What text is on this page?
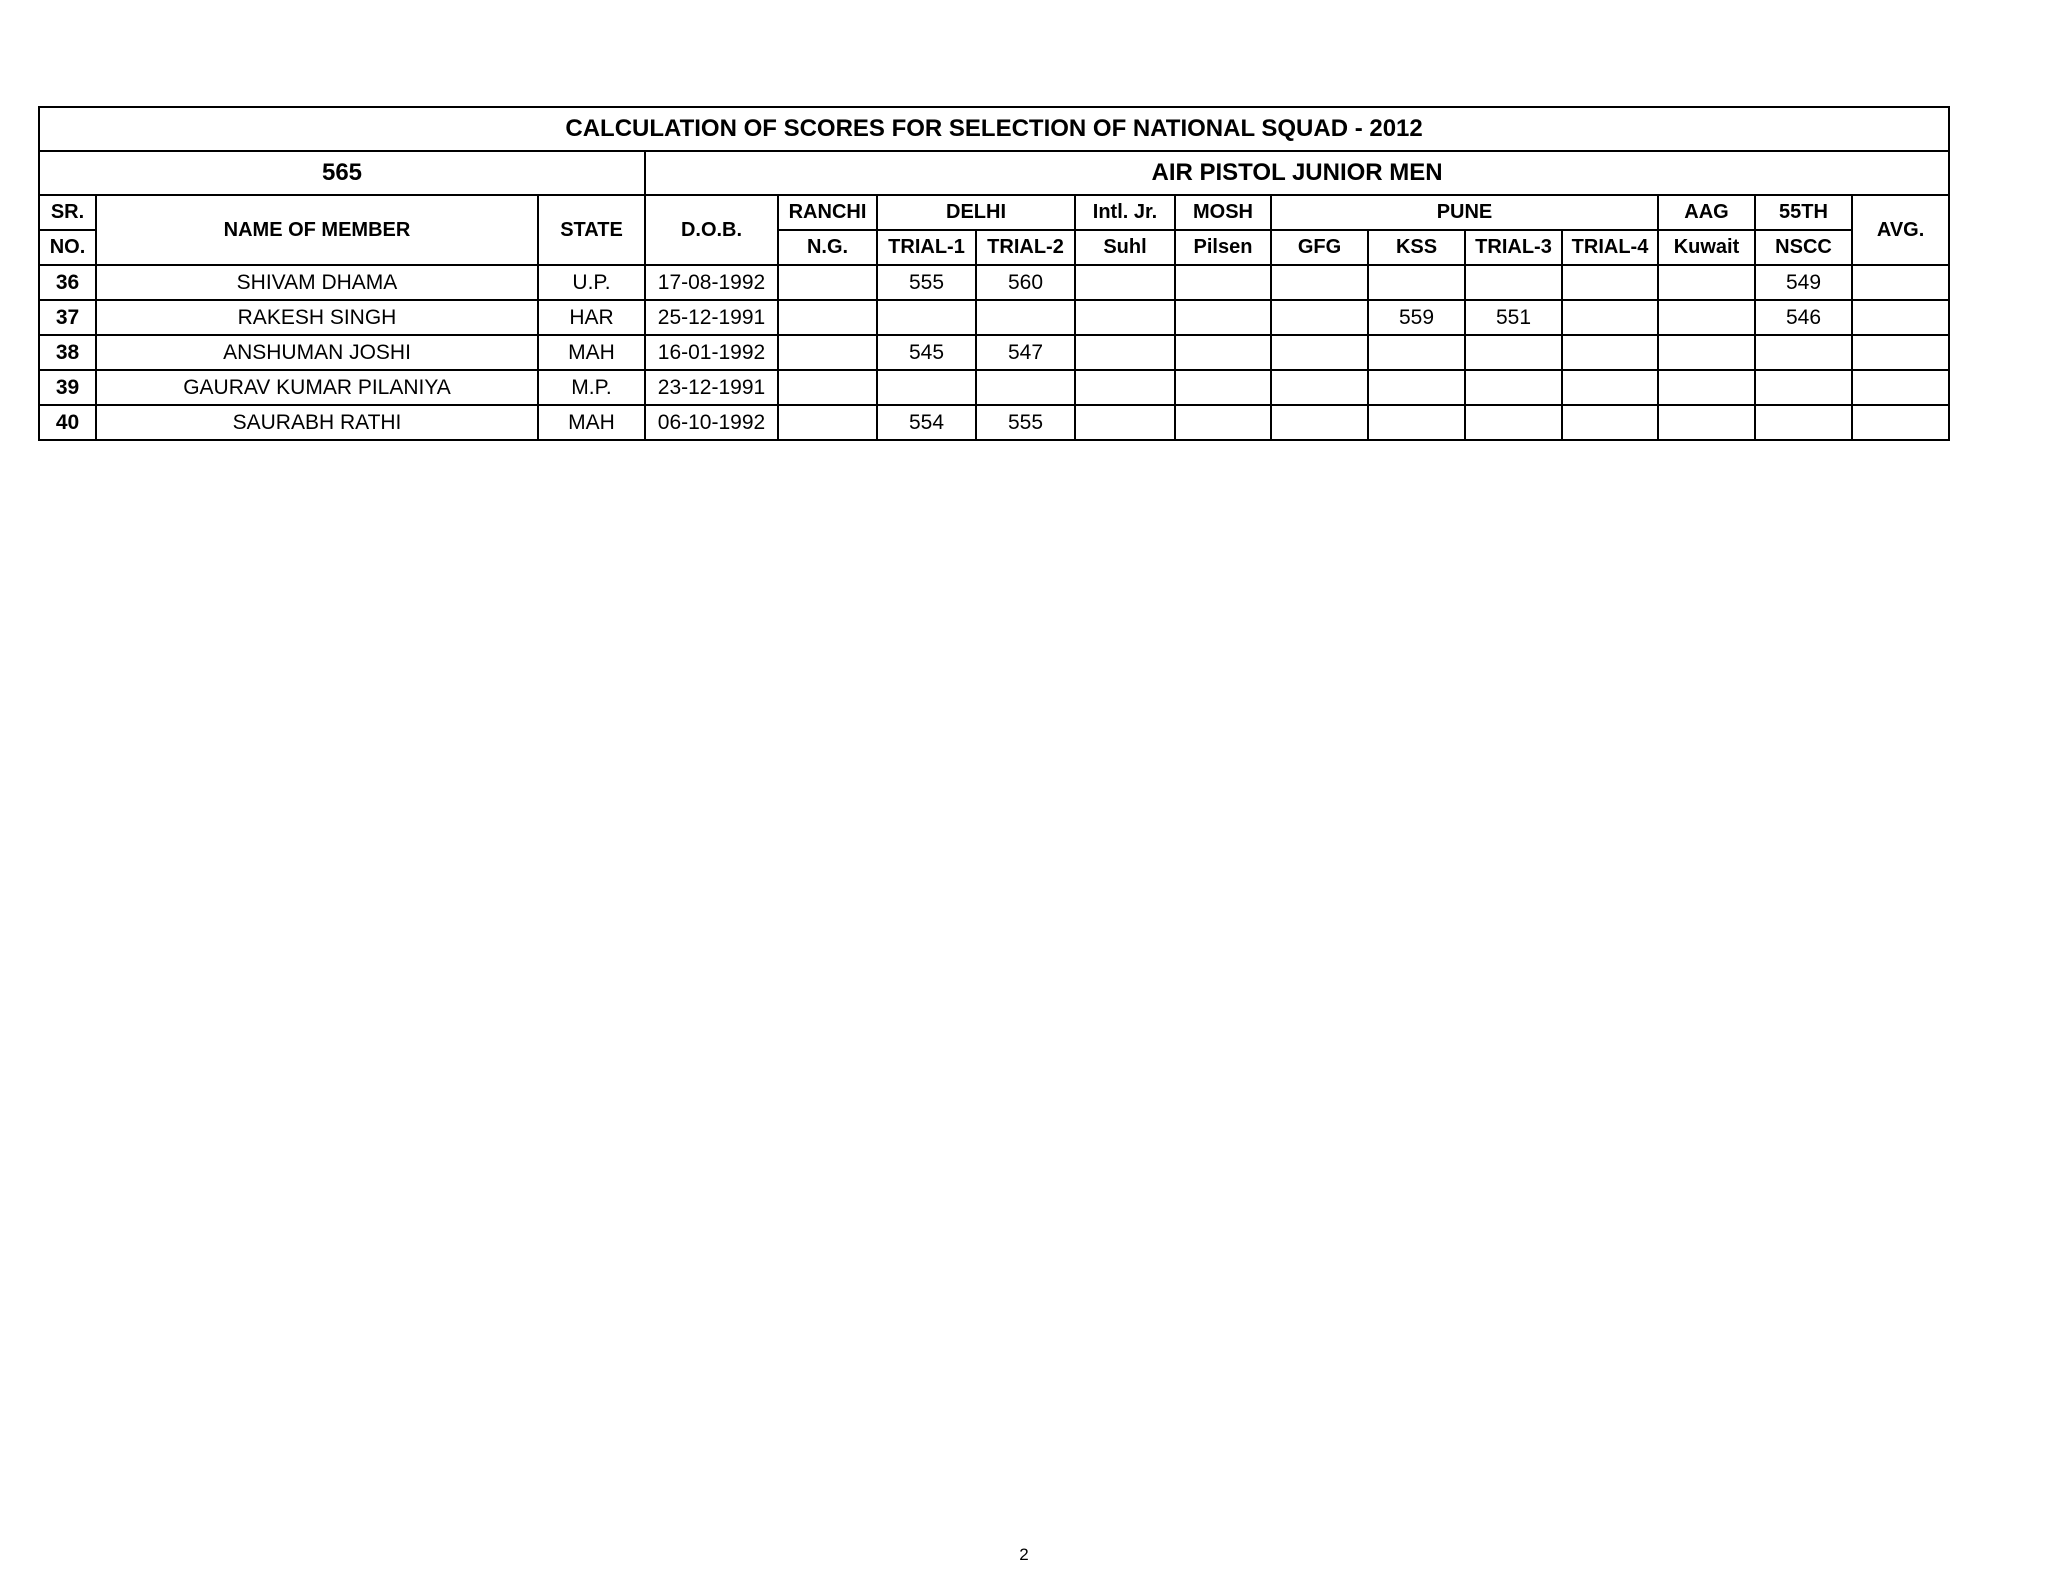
CALCULATION OF SCORES FOR SELECTION OF NATIONAL SQUAD - 2012															
565			AIR PISTOL JUNIOR MEN												
SR.	NAME OF MEMBER	STATE	D.O.B.	RANCHI	DELHI		Intl. Jr.	MOSH	PUNE				AAG	55TH	AVG.
NO.				N.G.	TRIAL-1	TRIAL-2	Suhl	Pilsen	GFG	KSS	TRIAL-3	TRIAL-4	Kuwait	NSCC	
36	SHIVAM DHAMA	U.P.	17-08-1992		555	560								549	
37	RAKESH SINGH	HAR	25-12-1991							559	551			546	
38	ANSHUMAN JOSHI	MAH	16-01-1992		545	547									
39	GAURAV KUMAR PILANIYA	M.P.	23-12-1991												
40	SAURABH RATHI	MAH	06-10-1992		554	555									
2
